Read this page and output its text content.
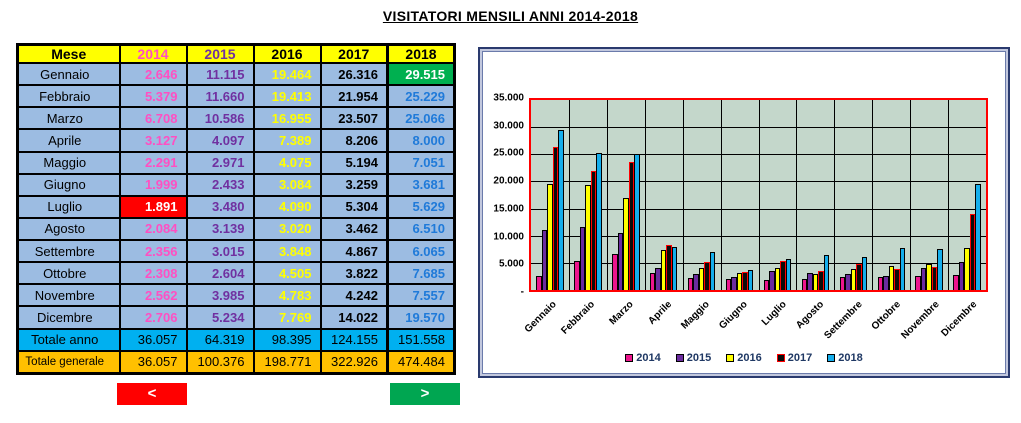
VISITATORI MENSILI ANNI 2014-2018
Mese	2014	2015	2016	2017	2018
Gennaio	2.646	11.115	19.464	26.316	29.515
Febbraio	5.379	11.660	19.413	21.954	25.229
Marzo	6.708	10.586	16.955	23.507	25.066
Aprile	3.127	4.097	7.389	8.206	8.000
Maggio	2.291	2.971	4.075	5.194	7.051
Giugno	1.999	2.433	3.084	3.259	3.681
Luglio	1.891	3.480	4.090	5.304	5.629
Agosto	2.084	3.139	3.020	3.462	6.510
Settembre	2.356	3.015	3.848	4.867	6.065
Ottobre	2.308	2.604	4.505	3.822	7.685
Novembre	2.562	3.985	4.783	4.242	7.557
Dicembre	2.706	5.234	7.769	14.022	19.570
Totale anno	36.057	64.319	98.395	124.155	151.558
Totale generale	36.057	100.376	198.771	322.926	474.484
<	>
35.000
30.000
25.000
20.000
15.000
10.000
5.000
-
Gennaio Febbraio Marzo Aprile Maggio Giugno Luglio Agosto
Settembre Ottobre
Novembre
Dicembre
2014 2015 2016 2017 2018
